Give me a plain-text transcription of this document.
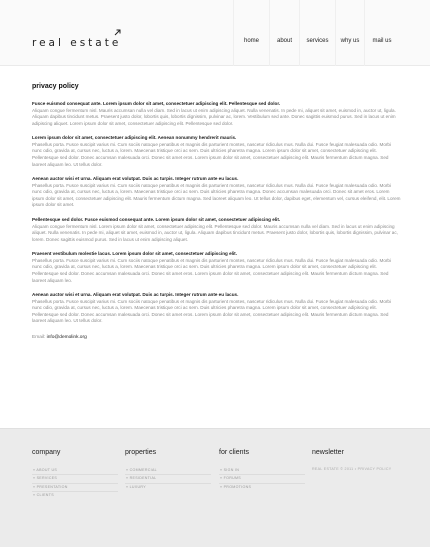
real estate	home	about	services	why us	mail us
privacy policy
Fusce euismod consequat ante. Lorem ipsum dolor sit amet, consectetuer adipiscing elit. Pellentesque sed dolor.
Aliquam congue fermentum nisl. Mauris accumsan nulla vel diam. Sed in lacus ut enim adipiscing aliquet. Nulla venenatis. In pede mi, aliquet sit amet, euismod in, auctor ut, ligula. Aliquam dapibus tincidunt metus. Praesent justo dolor, lobortis quis, lobortis dignissim, pulvinar ac, lorem. Vestibulum sed ante. Donec sagittis euismod purus. Sed in lacus ut enim adipiscing aliquet. Lorem ipsum dolor sit amet, consectetuer adipiscing elit. Pellentesque sed dolor.
Lorem ipsum dolor sit amet, consectetuer adipiscing elit. Aenean nonummy hendrerit mauris.
Phasellus porta. Fusce suscipit varius mi. Cum sociis natoque penatibus et magnis dis parturient montes, nascetur ridiculus mus. Nulla dui. Fusce feugiat malesuada odio. Morbi nunc odio, gravida at, cursus nec, luctus a, lorem. Maecenas tristique orci ac sem. Duis ultricies pharetra magna. Lorem ipsum dolor sit amet, consectetuer adipiscing elit. Pellentesque sed dolor. Donec accumsan malesuada orci. Donec sit amet eros. Lorem ipsum dolor sit amet, consectetuer adipiscing elit. Mauris fermentum dictum magna. Sed laoreet aliquam leo. Ut tellus dolor.
Aenean auctor wisi et urna. Aliquam erat volutpat. Duis ac turpis. Integer rutrum ante eu lacus.
Phasellus porta. Fusce suscipit varius mi. Cum sociis natoque penatibus et magnis dis parturient montes, nascetur ridiculus mus. Nulla dui. Fusce feugiat malesuada odio. Morbi nunc odio, gravida at, cursus nec, luctus a, lorem. Maecenas tristique orci ac sem. Duis ultricies pharetra magna. Donec accumsan malesuada orci. Donec sit amet eros. Lorem ipsum dolor sit amet, consectetuer adipiscing elit. Mauris fermentum dictum magna. Sed laoreet aliquam leo. Ut tellus dolor, dapibus eget, elementum vel, cursus eleifend, elit. Lorem ipsum dolor sit amet.
Pellentesque sed dolor. Fusce euismod consequat ante. Lorem ipsum dolor sit amet, consectetuer adipiscing elit.
Aliquam congue fermentum nisl. Lorem ipsum dolor sit amet, consectetuer adipiscing elit. Pellentesque sed dolor. Mauris accumsan nulla vel diam. Sed in lacus ut enim adipiscing aliquet. Nulla venenatis. In pede mi, aliquet sit amet, euismod in, auctor ut, ligula. Aliquam dapibus tincidunt metus. Praesent justo dolor, lobortis quis, lobortis dignissim, pulvinar ac, lorem. Donec sagittis euismod purus. Sed in lacus ut enim adipiscing aliquet.
Praesent vestibulum molestie lacus. Lorem ipsum dolor sit amet, consectetuer adipiscing elit.
Phasellus porta. Fusce suscipit varius mi. Cum sociis natoque penatibus et magnis dis parturient montes, nascetur ridiculus mus. Nulla dui. Fusce feugiat malesuada odio. Morbi nunc odio, gravida at, cursus nec, luctus a, lorem. Maecenas tristique orci ac sem. Duis ultricies pharetra magna. Lorem ipsum dolor sit amet, consectetuer adipiscing elit. Pellentesque sed dolor. Donec accumsan malesuada orci. Donec sit amet eros. Lorem ipsum dolor sit amet, consectetuer adipiscing elit. Mauris fermentum dictum magna. Sed laoreet aliquam leo.
Aenean auctor wisi et urna. Aliquam erat volutpat. Duis ac turpis. Integer rutrum ante eu lacus.
Phasellus porta. Fusce suscipit varius mi. Cum sociis natoque penatibus et magnis dis parturient montes, nascetur ridiculus mus. Nulla dui. Fusce feugiat malesuada odio. Morbi nunc odio, gravida at, cursus nec, luctus a, lorem. Maecenas tristique orci ac sem. Duis ultricies pharetra magna. Lorem ipsum dolor sit amet, consectetuer adipiscing elit. Pellentesque sed dolor. Donec accumsan malesuada orci. Donec sit amet eros. Lorem ipsum dolor sit amet, consectetuer adipiscing elit. Mauris fermentum dictum magna. Sed laoreet aliquam leo. Ut tellus dolor.
Email: info@demolink.org
company
» ABOUT US
» SERVICES
» PRESENTATION
» CLIENTS
properties
» COMMERCIAL
» RESIDENTIAL
» LUXURY
for clients
» SIGN IN
» FORUMS
» PROMOTIONS
newsletter
REAL ESTATE © 2011 • PRIVACY POLICY
